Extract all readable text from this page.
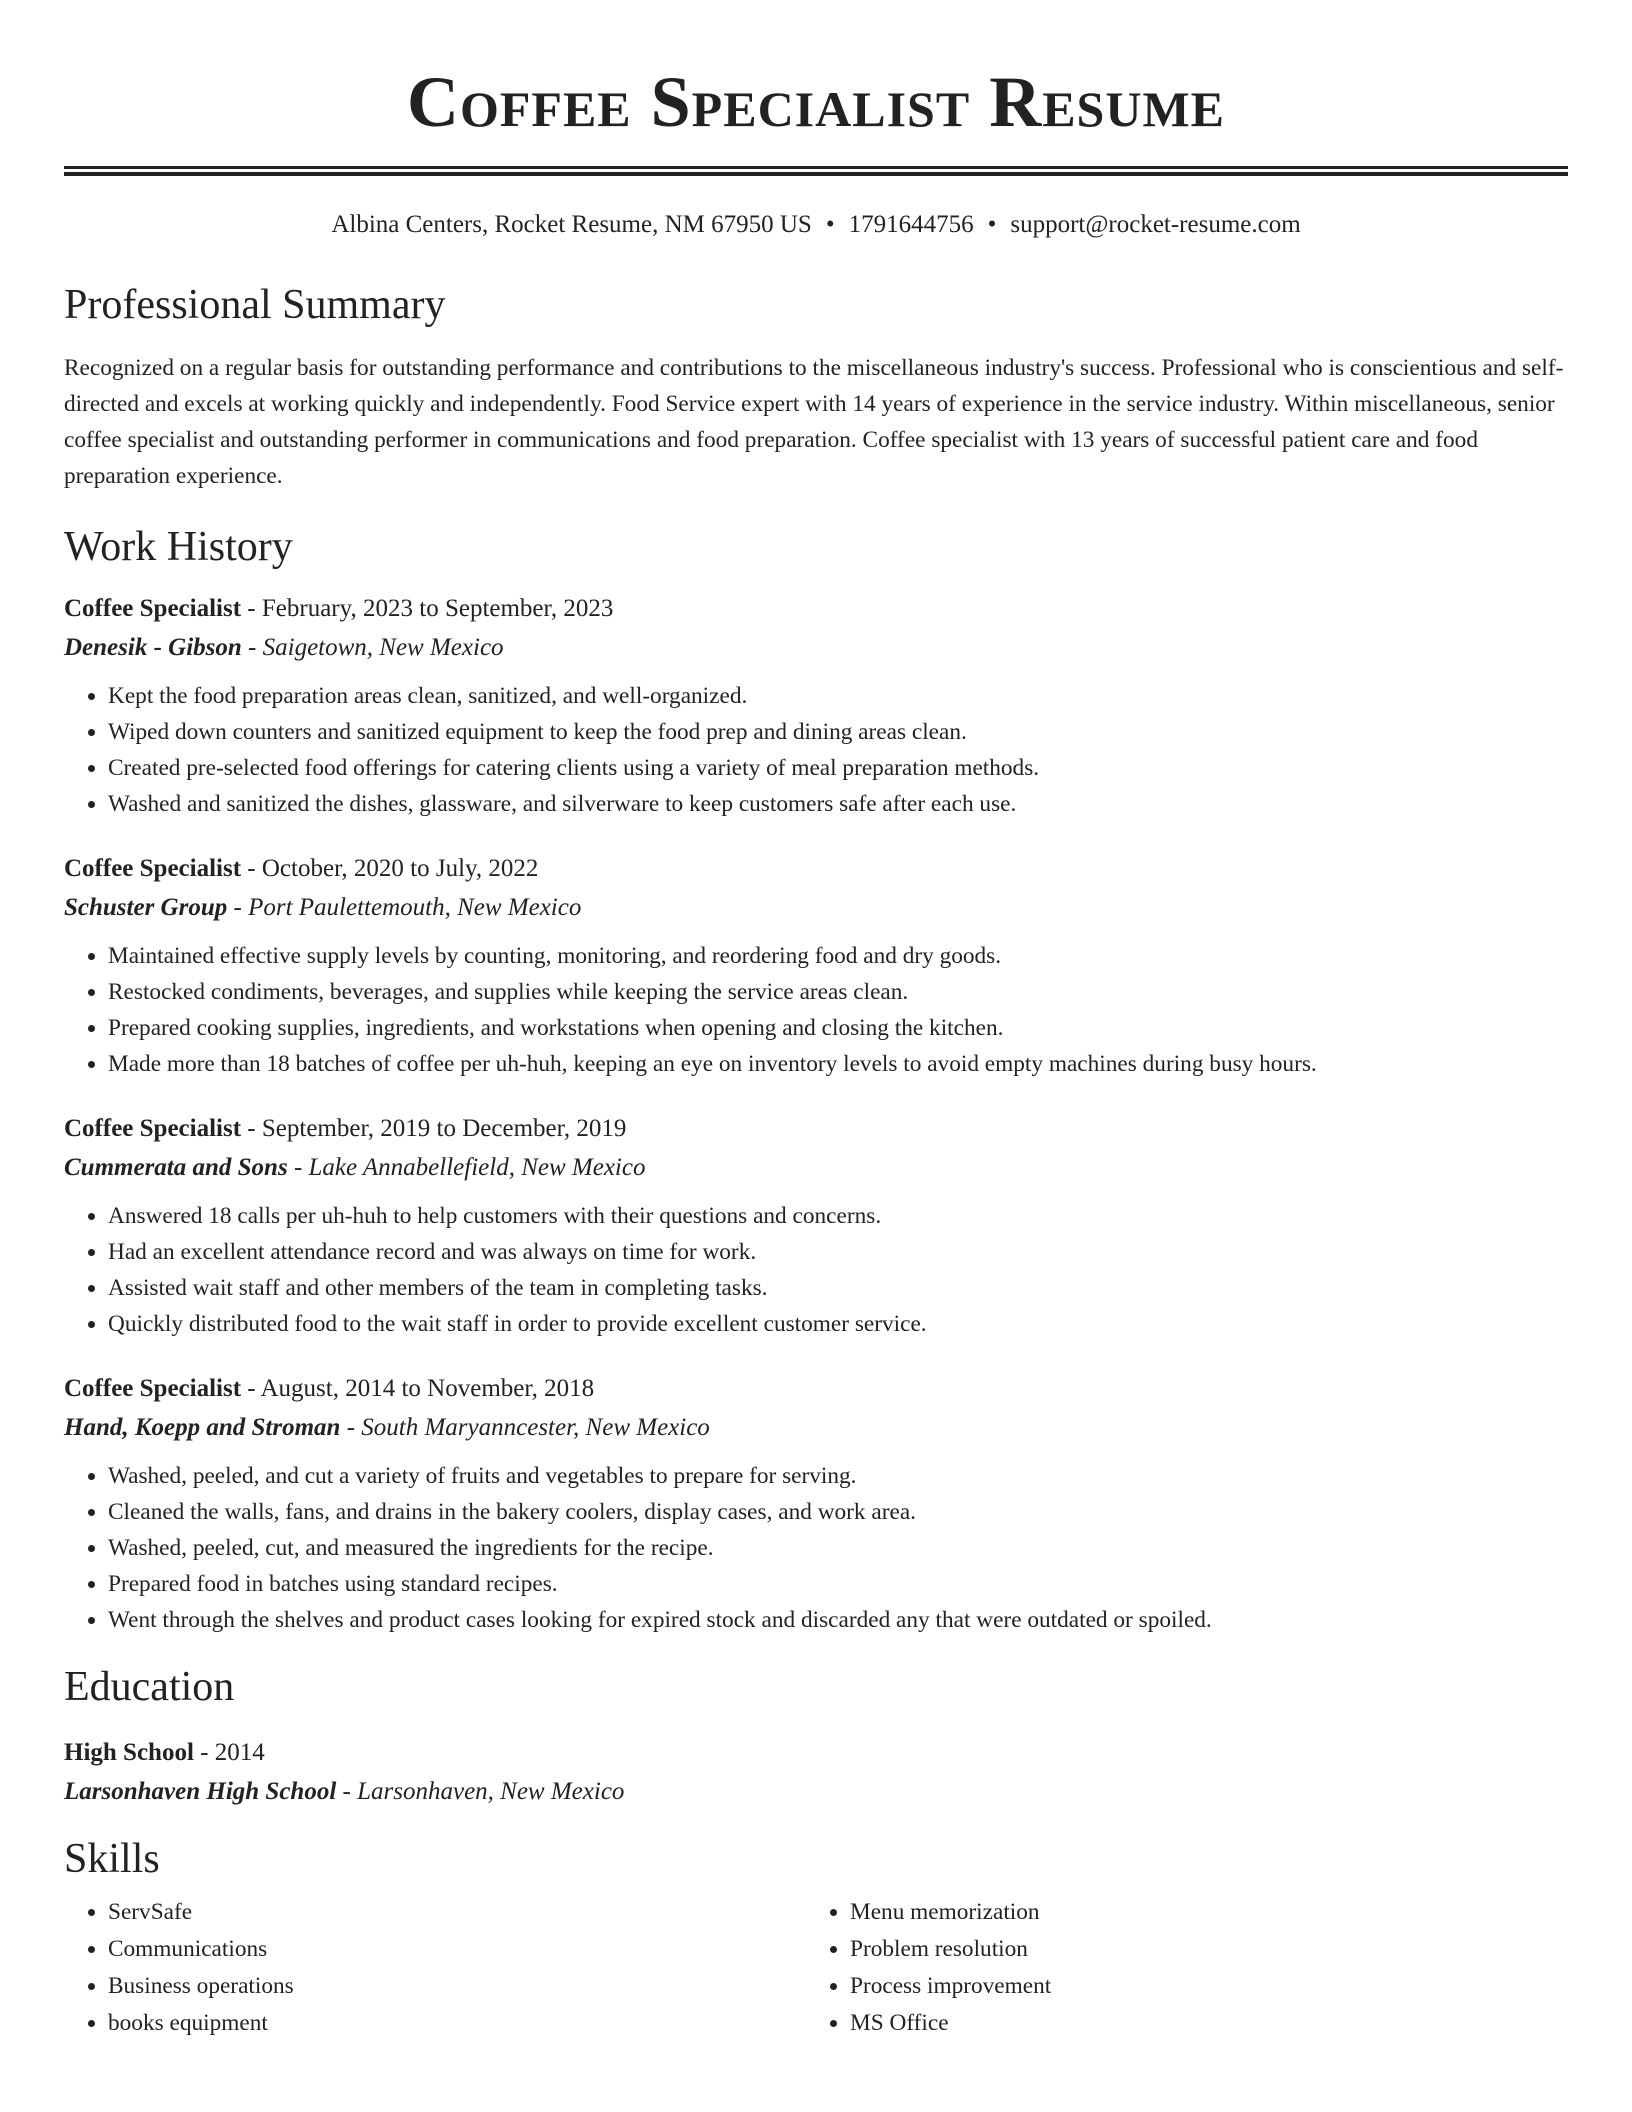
Coffee Specialist Resume
Albina Centers, Rocket Resume, NM 67950 US • 1791644756 • support@rocket-resume.com
Professional Summary

Recognized on a regular basis for outstanding performance and contributions to the miscellaneous industry's success. Professional who is conscientious and self-directed and excels at working quickly and independently. Food Service expert with 14 years of experience in the service industry. Within miscellaneous, senior coffee specialist and outstanding performer in communications and food preparation. Coffee specialist with 13 years of successful patient care and food preparation experience.

Work History
Coffee Specialist - February, 2023 to September, 2023
Denesik - Gibson - Saigetown, New Mexico
• Kept the food preparation areas clean, sanitized, and well-organized.
• Wiped down counters and sanitized equipment to keep the food prep and dining areas clean.
• Created pre-selected food offerings for catering clients using a variety of meal preparation methods.
• Washed and sanitized the dishes, glassware, and silverware to keep customers safe after each use.
Coffee Specialist - October, 2020 to July, 2022
Schuster Group - Port Paulettemouth, New Mexico
• Maintained effective supply levels by counting, monitoring, and reordering food and dry goods.
• Restocked condiments, beverages, and supplies while keeping the service areas clean.
• Prepared cooking supplies, ingredients, and workstations when opening and closing the kitchen.
• Made more than 18 batches of coffee per uh-huh, keeping an eye on inventory levels to avoid empty machines during busy hours.
Coffee Specialist - September, 2019 to December, 2019
Cummerata and Sons - Lake Annabellefield, New Mexico
• Answered 18 calls per uh-huh to help customers with their questions and concerns.
• Had an excellent attendance record and was always on time for work.
• Assisted wait staff and other members of the team in completing tasks.
• Quickly distributed food to the wait staff in order to provide excellent customer service.
Coffee Specialist - August, 2014 to November, 2018
Hand, Koepp and Stroman - South Maryanncester, New Mexico
• Washed, peeled, and cut a variety of fruits and vegetables to prepare for serving.
• Cleaned the walls, fans, and drains in the bakery coolers, display cases, and work area.
• Washed, peeled, cut, and measured the ingredients for the recipe.
• Prepared food in batches using standard recipes.
• Went through the shelves and product cases looking for expired stock and discarded any that were outdated or spoiled.
Education
High School - 2014
Larsonhaven High School - Larsonhaven, New Mexico
Skills
• ServSafe
• Communications
• Business operations
• books equipment
• Menu memorization
• Problem resolution
• Process improvement
• MS Office
